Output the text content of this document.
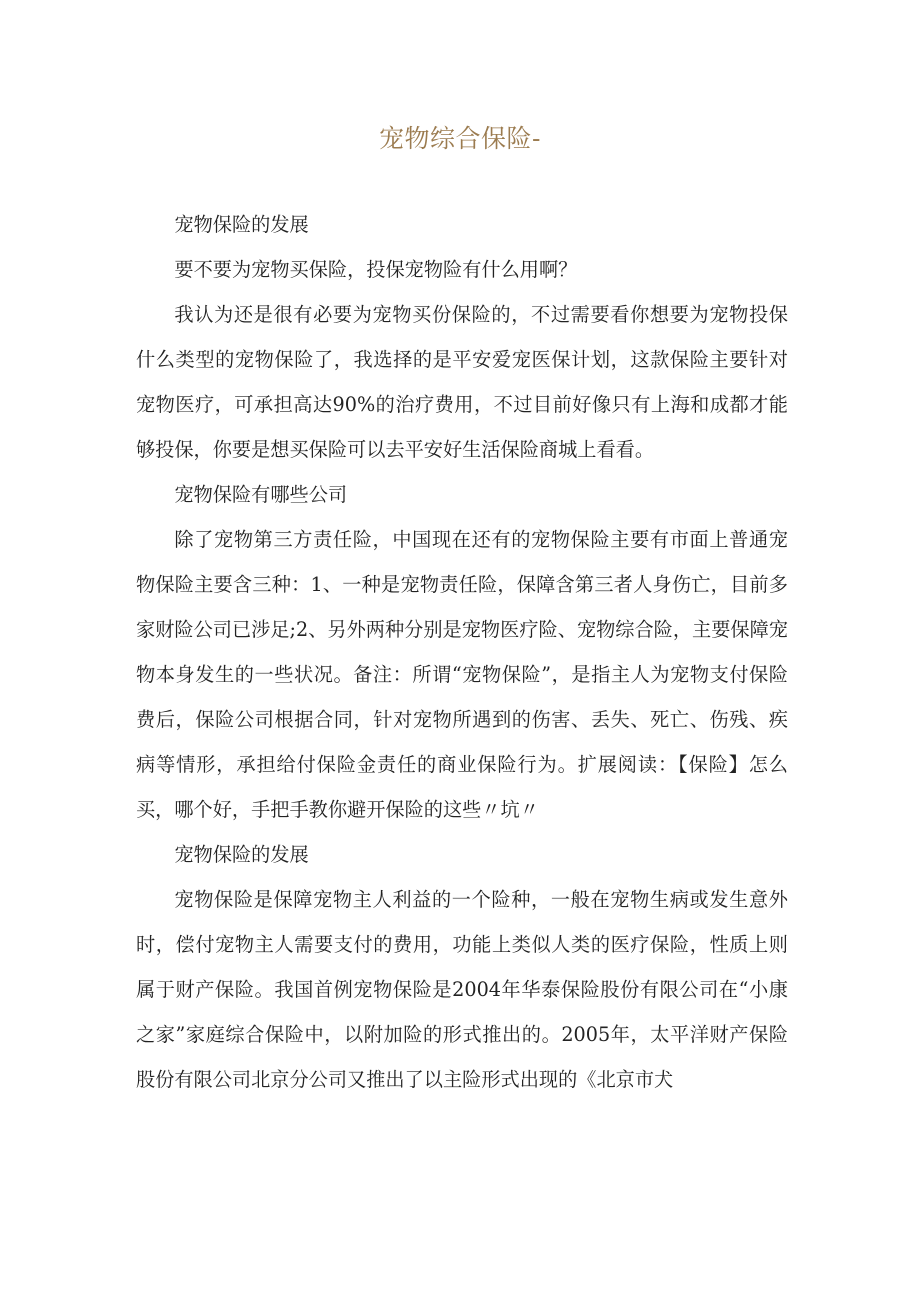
宠物综合保险-

宠物保险的发展

要不要为宠物买保险，投保宠物险有什么用啊？

我认为还是很有必要为宠物买份保险的，不过需要看你想要为宠物投保什么类型的宠物保险了，我选择的是平安爱宠医保计划，这款保险主要针对宠物医疗，可承担高达90%的治疗费用，不过目前好像只有上海和成都才能够投保，你要是想买保险可以去平安好生活保险商城上看看。

宠物保险有哪些公司

除了宠物第三方责任险，中国现在还有的宠物保险主要有市面上普通宠物保险主要含三种：1、一种是宠物责任险，保障含第三者人身伤亡，目前多家财险公司已涉足;2、另外两种分别是宠物医疗险、宠物综合险，主要保障宠物本身发生的一些状况。备注：所谓“宠物保险”，是指主人为宠物支付保险费后，保险公司根据合同，针对宠物所遇到的伤害、丢失、死亡、伤残、疾病等情形，承担给付保险金责任的商业保险行为。扩展阅读：【保险】怎么买，哪个好，手把手教你避开保险的这些〃坑〃

宠物保险的发展

宠物保险是保障宠物主人利益的一个险种，一般在宠物生病或发生意外时，偿付宠物主人需要支付的费用，功能上类似人类的医疗保险，性质上则属于财产保险。我国首例宠物保险是2004年华泰保险股份有限公司在“小康之家”家庭综合保险中，以附加险的形式推出的。2005年，太平洋财产保险股份有限公司北京分公司又推出了以主险形式出现的《北京市犬
